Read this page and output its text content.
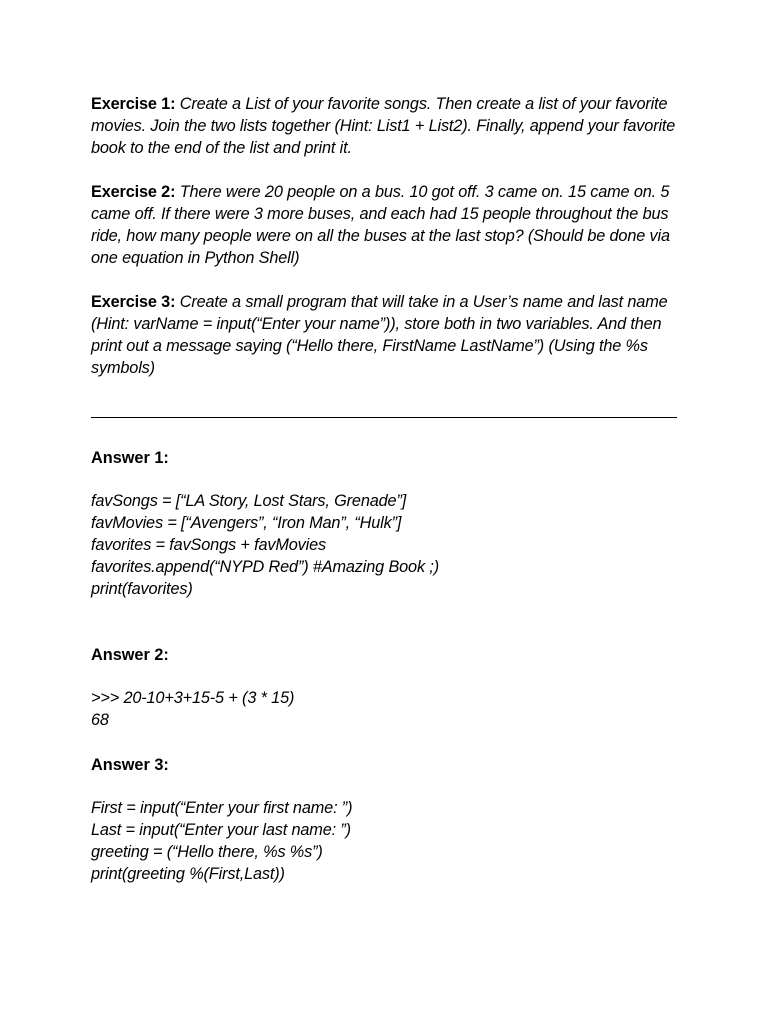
Exercise 1: Create a List of your favorite songs. Then create a list of your favorite movies. Join the two lists together (Hint: List1 + List2). Finally, append your favorite book to the end of the list and print it.

Exercise 2: There were 20 people on a bus. 10 got off. 3 came on. 15 came on. 5 came off. If there were 3 more buses, and each had 15 people throughout the bus ride, how many people were on all the buses at the last stop? (Should be done via one equation in Python Shell)

Exercise 3: Create a small program that will take in a User’s name and last name (Hint: varName = input(“Enter your name”)), store both in two variables. And then print out a message saying (“Hello there, FirstName LastName”) (Using the %s symbols)

Answer 1:

favSongs = [“LA Story, Lost Stars, Grenade”]
favMovies = [“Avengers”, “Iron Man”, “Hulk”]
favorites = favSongs + favMovies
favorites.append(“NYPD Red”) #Amazing Book ;)
print(favorites)

Answer 2:

>>> 20-10+3+15-5 + (3 * 15)
68

Answer 3:

First = input(“Enter your first name: ”)
Last = input(“Enter your last name: ”)
greeting = (“Hello there, %s %s”)
print(greeting %(First,Last))
